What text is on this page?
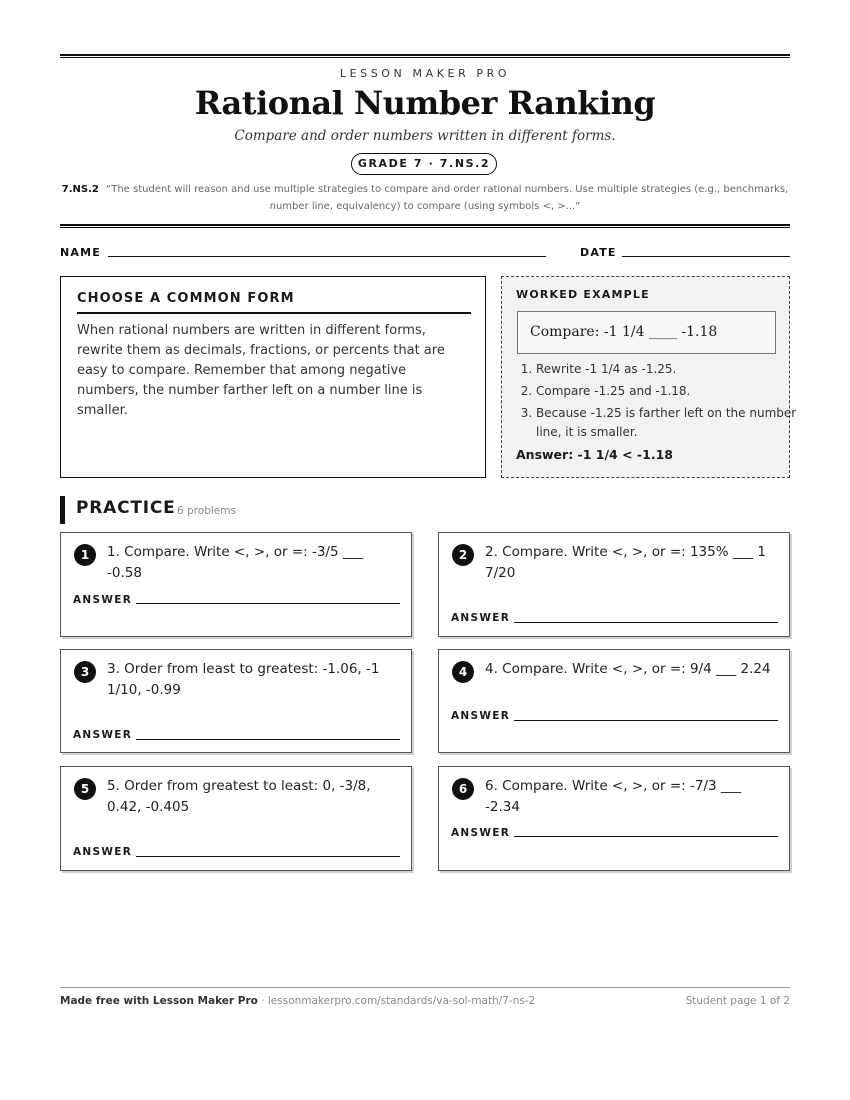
LESSON MAKER PRO
Rational Number Ranking
Compare and order numbers written in different forms.
GRADE 7 · 7.NS.2
7.NS.2 “The student will reason and use multiple strategies to compare and order rational numbers. Use multiple strategies (e.g., benchmarks, number line, equivalency) to compare (using symbols <, >...”
NAME	DATE
CHOOSE A COMMON FORM
When rational numbers are written in different forms, rewrite them as decimals, fractions, or percents that are easy to compare. Remember that among negative numbers, the number farther left on a number line is smaller.
WORKED EXAMPLE
Compare: -1 1/4 ____ -1.18
1. Rewrite -1 1/4 as -1.25.
2. Compare -1.25 and -1.18.
3. Because -1.25 is farther left on the number line, it is smaller.
Answer: -1 1/4 < -1.18
PRACTICE 6 problems
1	1. Compare. Write <, >, or =: -3/5 ___ -0.58
ANSWER
2	2. Compare. Write <, >, or =: 135% ___ 1 7/20
ANSWER
3	3. Order from least to greatest: -1.06, -1 1/10, -0.99
ANSWER
4	4. Compare. Write <, >, or =: 9/4 ___ 2.24
ANSWER
5	5. Order from greatest to least: 0, -3/8, 0.42, -0.405
ANSWER
6	6. Compare. Write <, >, or =: -7/3 ___ -2.34
ANSWER
Made free with Lesson Maker Pro · lessonmakerpro.com/standards/va-sol-math/7-ns-2	Student page 1 of 2
